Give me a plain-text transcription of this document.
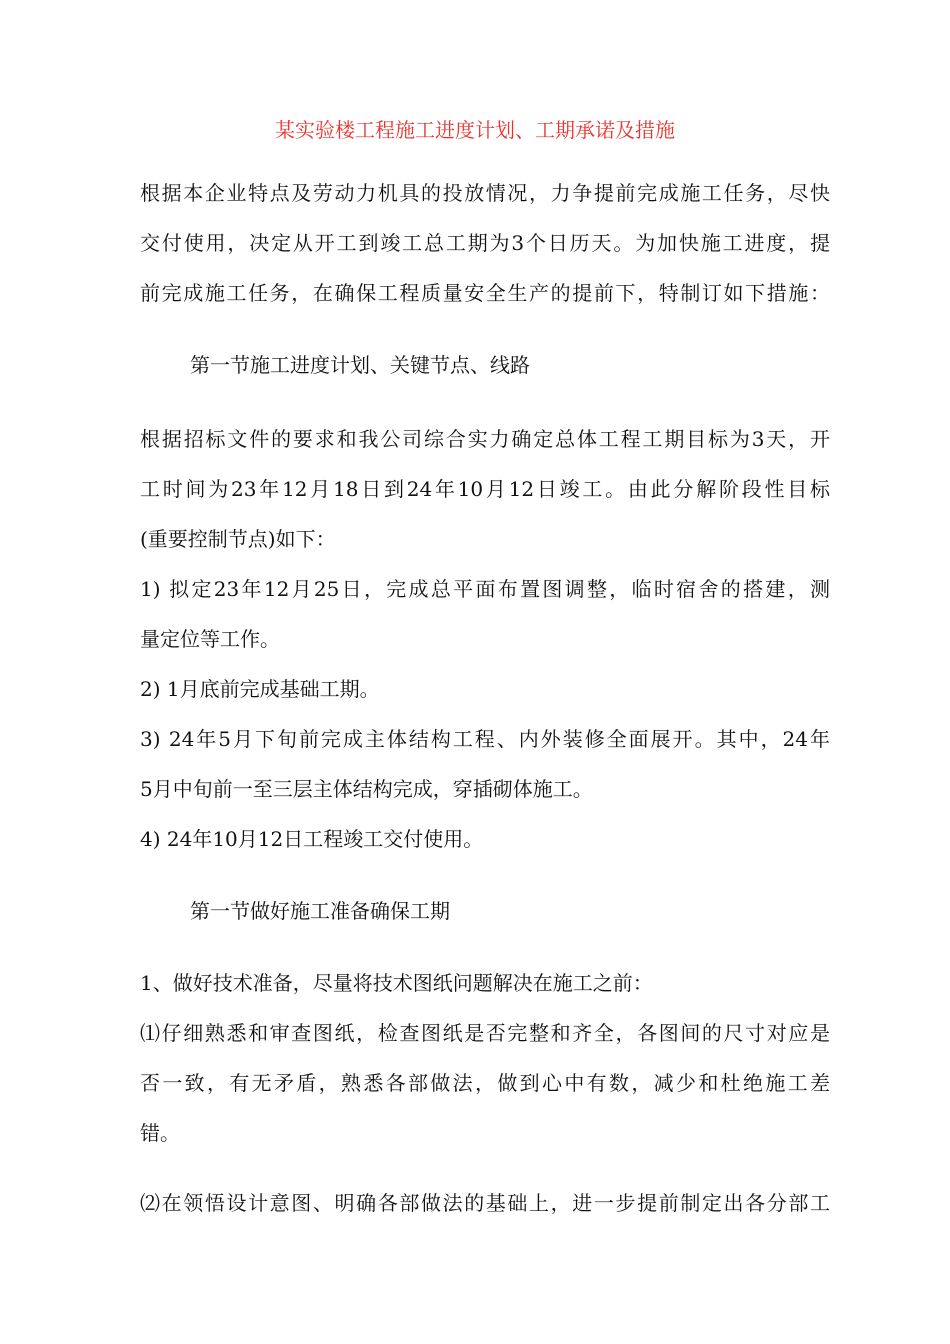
某实验楼工程施工进度计划、工期承诺及措施
根据本企业特点及劳动力机具的投放情况，力争提前完成施工任务，尽快
交付使用，决定从开工到竣工总工期为3个日历天。为加快施工进度，提
前完成施工任务，在确保工程质量安全生产的提前下，特制订如下措施：
第一节施工进度计划、关键节点、线路
根据招标文件的要求和我公司综合实力确定总体工程工期目标为3天，开
工时间为23年12月18日到24年10月12日竣工。由此分解阶段性目标
(重要控制节点)如下：
1) 拟定23年12月25日，完成总平面布置图调整，临时宿舍的搭建，测
量定位等工作。
2) 1月底前完成基础工期。
3) 24年5月下旬前完成主体结构工程、内外装修全面展开。其中，24年
5月中旬前一至三层主体结构完成，穿插砌体施工。
4) 24年10月12日工程竣工交付使用。
第一节做好施工准备确保工期
1、做好技术准备，尽量将技术图纸问题解决在施工之前：
⑴仔细熟悉和审查图纸，检查图纸是否完整和齐全，各图间的尺寸对应是
否一致，有无矛盾，熟悉各部做法，做到心中有数，减少和杜绝施工差
错。
⑵在领悟设计意图、明确各部做法的基础上，进一步提前制定出各分部工
